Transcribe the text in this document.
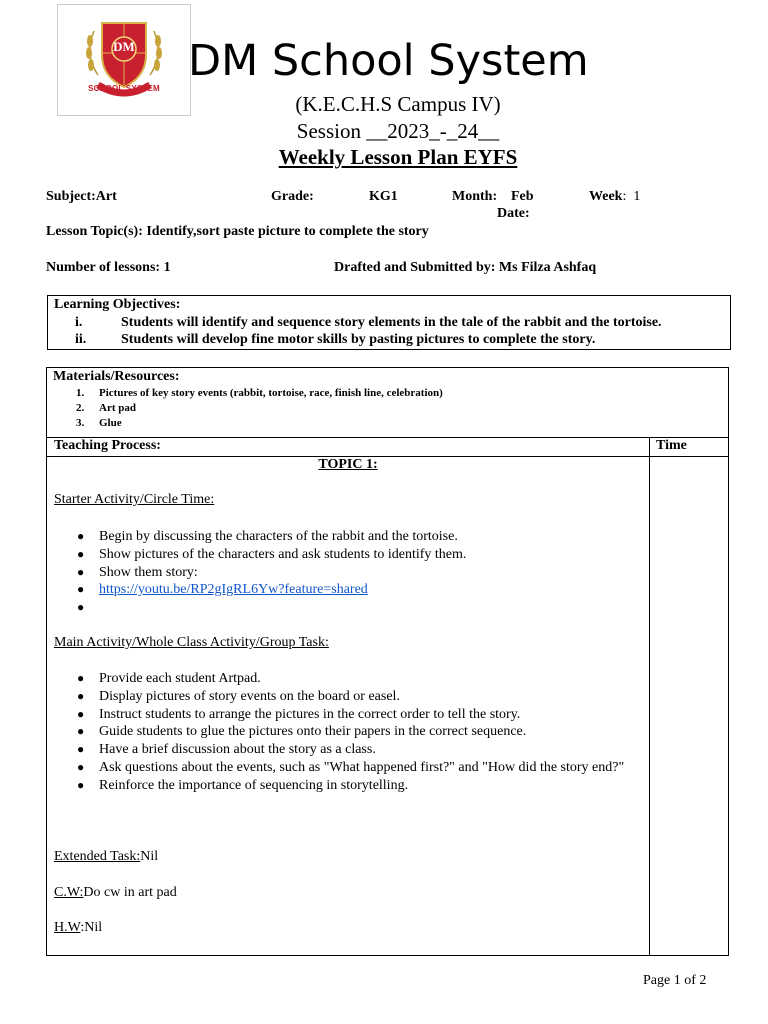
DM
SCHOOL SYSTEM
DM School System
(K.E.C.H.S Campus IV)
Session __2023_-_24__
Weekly Lesson Plan EYFS
Subject:Art	Grade:	KG1	Month: Feb	Week:  1
Date:
Lesson Topic(s): Identify,sort paste picture to complete the story
Number of lessons: 1	Drafted and Submitted by: Ms Filza Ashfaq
Learning Objectives:
i.	Students will identify and sequence story elements in the tale of the rabbit and the tortoise.
ii. Students will develop fine motor skills by pasting pictures to complete the story.
Materials/Resources:
1. Pictures of key story events (rabbit, tortoise, race, finish line, celebration)
2. Art pad
3. Glue
Teaching Process:	Time
TOPIC 1:
Starter Activity/Circle Time:
● Begin by discussing the characters of the rabbit and the tortoise.
● Show pictures of the characters and ask students to identify them.
● Show them story:
● https://youtu.be/RP2gIgRL6Yw?feature=shared
●

Main Activity/Whole Class Activity/Group Task:
● Provide each student Artpad.
● Display pictures of story events on the board or easel.
● Instruct students to arrange the pictures in the correct order to tell the story.
● Guide students to glue the pictures onto their papers in the correct sequence.
● Have a brief discussion about the story as a class.
● Ask questions about the events, such as "What happened first?" and "How did the story end?"
● Reinforce the importance of sequencing in storytelling.
Extended Task:Nil
C.W:Do cw in art pad
H.W:Nil
Page 1 of 2
